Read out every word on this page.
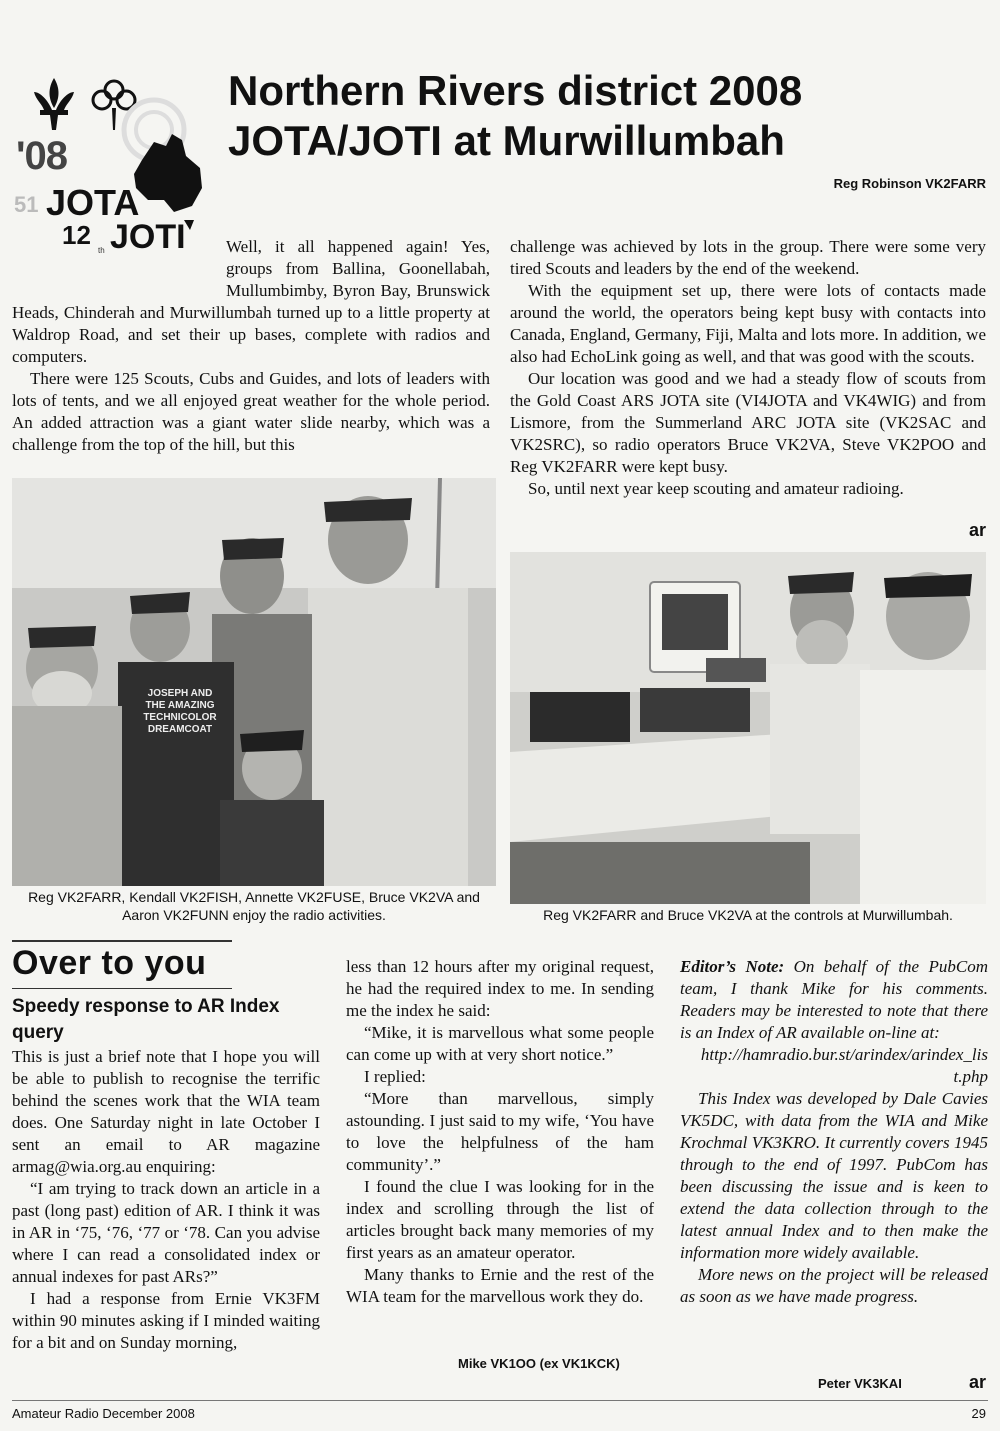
'08
51 JOTA
12
th JOTI
Northern Rivers district 2008
JOTA/JOTI at Murwillumbah
Reg Robinson VK2FARR

Well, it all happened again! Yes, groups from Ballina, Goonellabah, Mullumbimby, Byron Bay, Brunswick Heads, Chinderah and Murwillumbah turned up to a little property at Waldrop Road, and set their up bases, complete with radios and computers.

There were 125 Scouts, Cubs and Guides, and lots of leaders with lots of tents, and we all enjoyed great weather for the whole period. An added attraction was a giant water slide nearby, which was a challenge from the top of the hill, but this

challenge was achieved by lots in the group. There were some very tired Scouts and leaders by the end of the weekend.

With the equipment set up, there were lots of contacts made around the world, the operators being kept busy with contacts into Canada, England, Germany, Fiji, Malta and lots more. In addition, we also had EchoLink going as well, and that was good with the scouts.

Our location was good and we had a steady flow of scouts from the Gold Coast ARS JOTA site (VI4JOTA and VK4WIG) and from Lismore, from the Summerland ARC JOTA site (VK2SAC and VK2SRC), so radio operators Bruce VK2VA, Steve VK2POO and Reg VK2FARR were kept busy.

So, until next year keep scouting and amateur radioing.

ar
JOSEPH AND THE AMAZING TECHNICOLOR DREAMCOAT
Reg VK2FARR, Kendall VK2FISH, Annette VK2FUSE, Bruce VK2VA and Aaron VK2FUNN enjoy the radio activities.	Reg VK2FARR and Bruce VK2VA at the controls at Murwillumbah.
Over to you
Speedy response to AR Index query

This is just a brief note that I hope you will be able to publish to recognise the terrific behind the scenes work that the WIA team does. One Saturday night in late October I sent an email to AR magazine armag@wia.org.au enquiring:

“I am trying to track down an article in a past (long past) edition of AR. I think it was in AR in ‘75, ‘76, ‘77 or ‘78. Can you advise where I can read a consolidated index or annual indexes for past ARs?”

I had a response from Ernie VK3FM within 90 minutes asking if I minded waiting for a bit and on Sunday morning,

less than 12 hours after my original request, he had the required index to me. In sending me the index he said:

“Mike, it is marvellous what some people can come up with at very short notice.”

I replied:

“More than marvellous, simply astounding. I just said to my wife, ‘You have to love the helpfulness of the ham community’.”

I found the clue I was looking for in the index and scrolling through the list of articles brought back many memories of my first years as an amateur operator.

Many thanks to Ernie and the rest of the WIA team for the marvellous work they do.

Mike VK1OO (ex VK1KCK)

Editor’s Note: On behalf of the PubCom team, I thank Mike for his comments. Readers may be interested to note that there is an Index of AR available on-line at:

http://hamradio.bur.st/arindex/arindex_list.php

This Index was developed by Dale Cavies VK5DC, with data from the WIA and Mike Krochmal VK3KRO. It currently covers 1945 through to the end of 1997. PubCom has been discussing the issue and is keen to extend the data collection through to the latest annual Index and to then make the information more widely available.

More news on the project will be released as soon as we have made progress.

Peter VK3KAI	ar
Amateur Radio December 2008	29
